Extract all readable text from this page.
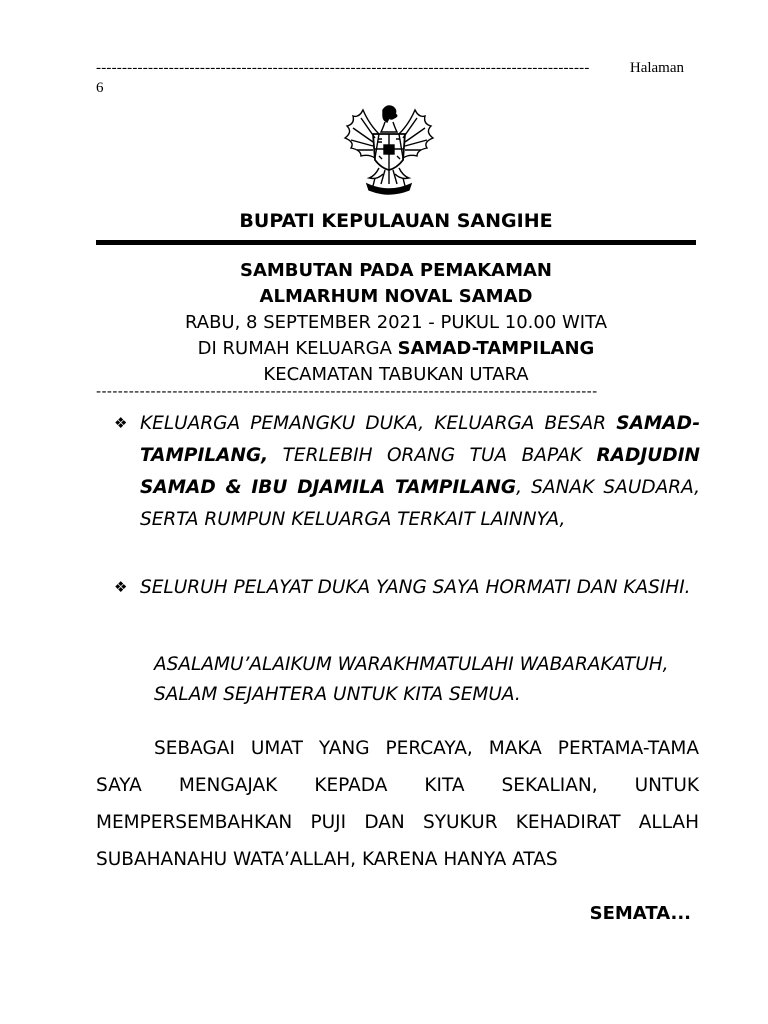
-----------------------------------------------------------------------------------------------	Halaman
6
BUPATI KEPULAUAN SANGIHE
SAMBUTAN PADA PEMAKAMAN
ALMARHUM NOVAL SAMAD
RABU, 8 SEPTEMBER 2021 - PUKUL 10.00 WITA
DI RUMAH KELUARGA SAMAD-TAMPILANG
KECAMATAN TABUKAN UTARA
--------------------------------------------------------------------------------------------
❖ KELUARGA PEMANGKU DUKA, KELUARGA BESAR SAMAD-TAMPILANG, TERLEBIH ORANG TUA BAPAK RADJUDIN SAMAD & IBU DJAMILA TAMPILANG, SANAK SAUDARA, SERTA RUMPUN KELUARGA TERKAIT LAINNYA,
❖ SELURUH PELAYAT DUKA YANG SAYA HORMATI DAN KASIHI.
ASALAMU’ALAIKUM WARAKHMATULAHI WABARAKATUH,
SALAM SEJAHTERA UNTUK KITA SEMUA.
SEBAGAI UMAT YANG PERCAYA, MAKA PERTAMA-TAMA SAYA MENGAJAK KEPADA KITA SEKALIAN, UNTUK MEMPERSEMBAHKAN PUJI DAN SYUKUR KEHADIRAT ALLAH SUBAHANAHU WATA’ALLAH, KARENA HANYA ATAS
SEMATA...
